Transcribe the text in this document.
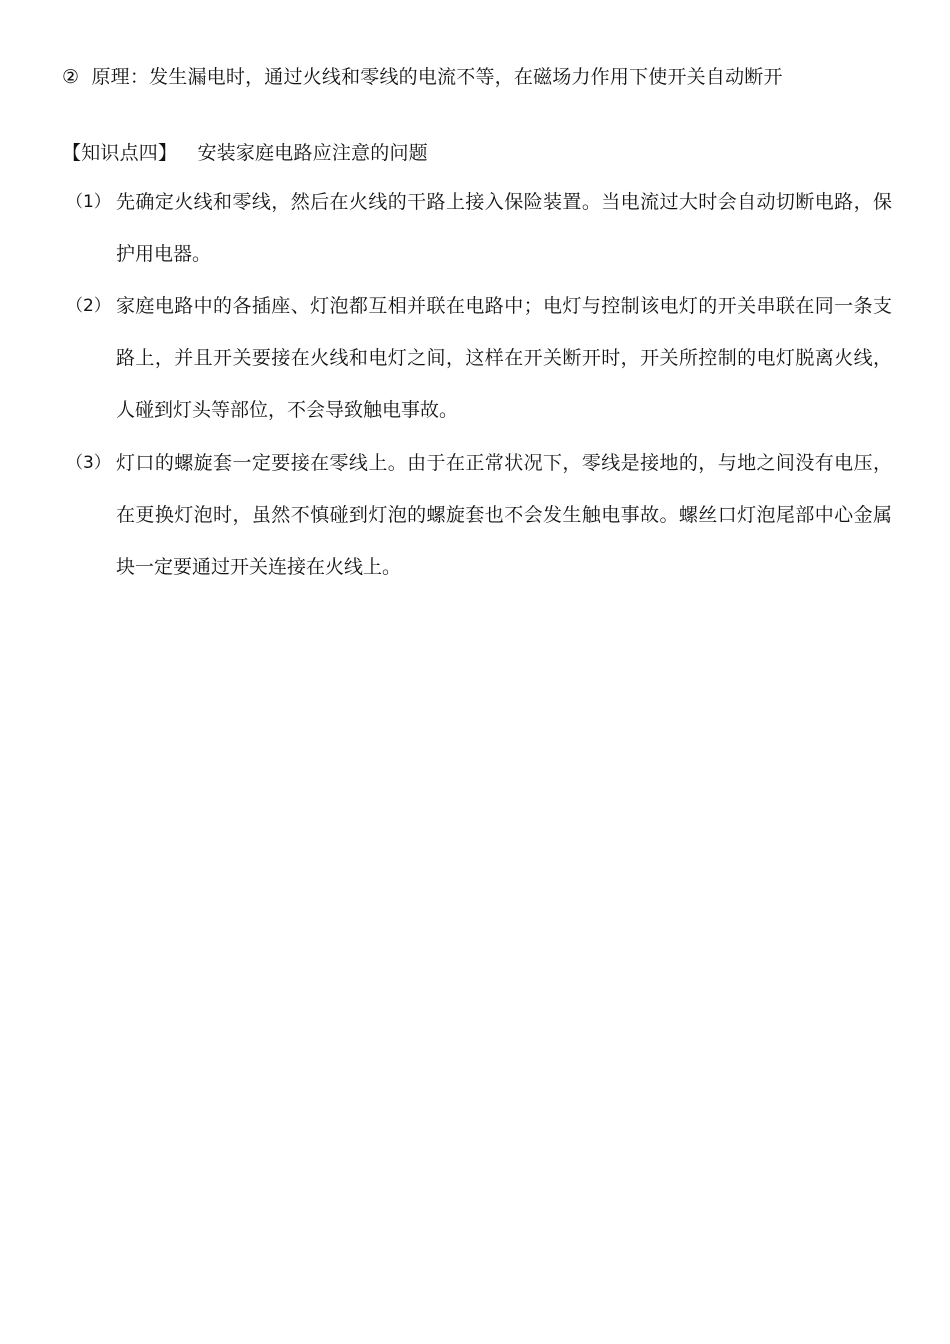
② 原理：发生漏电时，通过火线和零线的电流不等，在磁场力作用下使开关自动断开
【知识点四】 安装家庭电路应注意的问题
（1） 先确定火线和零线，然后在火线的干路上接入保险装置。当电流过大时会自动切断电路，保护用电器。
（2） 家庭电路中的各插座、灯泡都互相并联在电路中；电灯与控制该电灯的开关串联在同一条支路上，并且开关要接在火线和电灯之间，这样在开关断开时，开关所控制的电灯脱离火线，人碰到灯头等部位，不会导致触电事故。
（3） 灯口的螺旋套一定要接在零线上。由于在正常状况下，零线是接地的，与地之间没有电压，在更换灯泡时，虽然不慎碰到灯泡的螺旋套也不会发生触电事故。螺丝口灯泡尾部中心金属块一定要通过开关连接在火线上。
